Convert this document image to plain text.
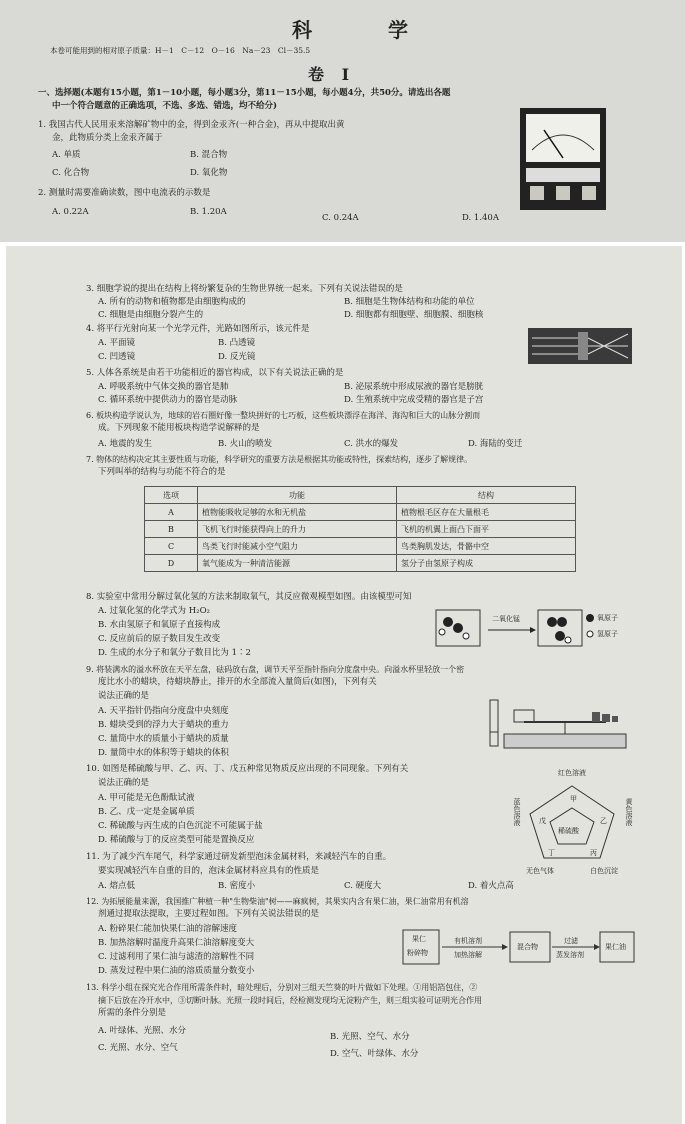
科　学
本卷可能用到的相对原子质量：H－1　C－12　O－16　Na－23　Cl－35.5
卷 Ⅰ
一、选择题(本题有15小题，第1－10小题，每小题3分，第11－15小题，每小题4分，共50分。请选出各题
中一个符合题意的正确选项，不选、多选、错选，均不给分)
1. 我国古代人民用汞来溶解矿物中的金，得到金汞齐(一种合金)，再从中提取出黄
金，此物质分类上金汞齐属于
A. 单质	B. 混合物
C. 化合物	D. 氧化物
2. 测量时需要准确读数，图中电流表的示数是
A. 0.22A	B. 1.20A
C. 0.24A	D. 1.40A
3. 细胞学说的提出在结构上将纷繁复杂的生物世界统一起来。下列有关说法错误的是
A. 所有的动物和植物都是由细胞构成的	B. 细胞是生物体结构和功能的单位
C. 细胞是由细胞分裂产生的	D. 细胞都有细胞壁、细胞膜、细胞核
4. 将平行光射向某一个光学元件，光路如图所示，该元件是
A. 平面镜	B. 凸透镜
C. 凹透镜	D. 反光镜
5. 人体各系统是由若干功能相近的器官构成，以下有关说法正确的是
A. 呼吸系统中气体交换的器官是肺	B. 泌尿系统中形成尿液的器官是膀胱
C. 循环系统中提供动力的器官是动脉	D. 生殖系统中完成受精的器官是子宫
6. 板块构造学说认为，地球的岩石圈好像一整块拼好的七巧板，这些板块漂浮在海洋、海沟和巨大的山脉分割而
成。下列现象不能用板块构造学说解释的是
A. 地震的发生	B. 火山的喷发	C. 洪水的爆发	D. 海陆的变迁
7. 物体的结构决定其主要性质与功能，科学研究的重要方法是根据其功能或特性，探索结构，逐步了解规律。
下列叫举的结构与功能不符合的是
选项	功能	结构
A	植物能吸收足够的水和无机盐	植物根毛区存在大量根毛
B	飞机飞行时能获得向上的升力	飞机的机翼上面凸下面平
C	鸟类飞行时能减小空气阻力	鸟类胸肌发达，骨骼中空
D	氧气能成为一种清洁能源	氢分子由氢原子构成
8. 实验室中常用分解过氧化氢的方法来制取氧气，其反应微观模型如图。由该模型可知
A. 过氧化氢的化学式为 H₂O₂
B. 水由氢原子和氧原子直接构成
C. 反应前后的原子数目发生改变
D. 生成的水分子和氧分子数目比为 1∶2
二氧化锰	氧原子
氢原子
9. 将装满水的溢水杯放在天平左盘，砝码放右盘，调节天平至指针指向分度盘中央。向溢水杯里轻放一个密
度比水小的蜡块，待蜡块静止，排开的水全部流入量筒后(如图)，下列有关
说法正确的是
A. 天平指针仍指向分度盘中央刻度
B. 蜡块受到的浮力大于蜡块的重力
C. 量筒中水的质量小于蜡块的质量
D. 量筒中水的体积等于蜡块的体积
10. 如图是稀硫酸与甲、乙、丙、丁、戊五种常见物质反应出现的不同现象。下列有关
说法正确的是
A. 甲可能是无色酚酞试液
B. 乙、戊一定是金属单质
C. 稀硫酸与丙生成的白色沉淀不可能属于盐
D. 稀硫酸与丁的反应类型可能是置换反应
红色溶液
蓝色溶液	黄色溶液
无色气体	白色沉淀
稀硫酸
甲
戊	乙
丁	丙
11. 为了减少汽车尾气，科学家通过研发新型泡沫金属材料，来减轻汽车的自重。
要实现减轻汽车自重的目的，泡沫金属材料应具有的性质是
A. 熔点低	B. 密度小	C. 硬度大	D. 着火点高
12. 为拓展能量来源，我国推广种植一种"生物柴油"树——麻疯树，其果实内含有果仁油，果仁油常用有机溶
剂通过提取法提取，主要过程如图。下列有关说法错误的是
A. 粉碎果仁能加快果仁油的溶解速度
B. 加热溶解时温度升高果仁油溶解度变大
C. 过滤利用了果仁油与滤渣的溶解性不同
D. 蒸发过程中果仁油的溶质质量分数变小
果仁
粉碎物
有机溶剂
加热溶解
混合物
过滤
蒸发溶剂
果仁油
13. 科学小组在探究光合作用所需条件时，暗处理后，分别对三组天竺葵的叶片做如下处理。①用铝箔包住，②
摘下后放在冷开水中，③切断叶脉。光照一段时间后，经检测发现均无淀粉产生，则三组实验可证明光合作用
所需的条件分别是
A. 叶绿体、光照、水分
B. 光照、空气、水分
C. 光照、水分、空气
D. 空气、叶绿体、水分
